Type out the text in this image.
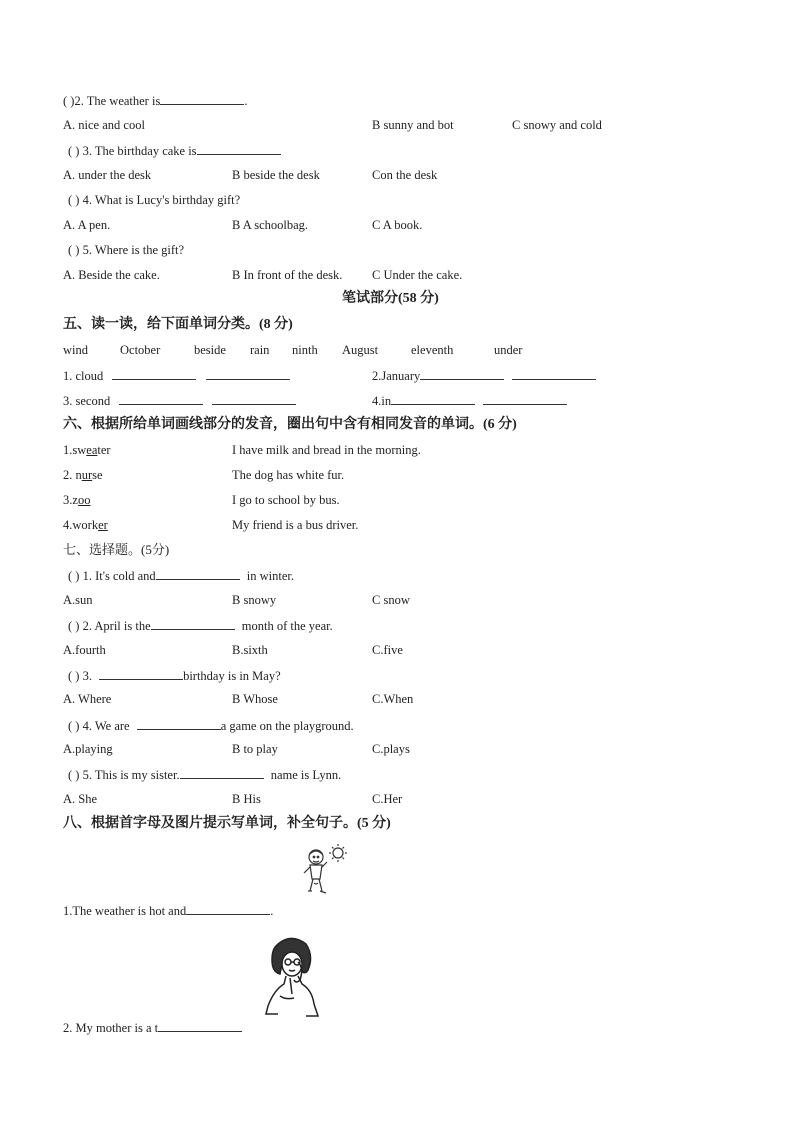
( )2. The weather is	.
A. nice and cool	B sunny and bot	C snowy and cold
( ) 3. The birthday cake is
A. under the desk	B beside the desk	Con the desk
( ) 4. What is Lucy's birthday gift?
A. A pen.	B A schoolbag.	C A book.
( ) 5. Where is the gift?
A. Beside the cake.	B In front of the desk. C Under the cake.
笔试部分(58 分)
五、读一读，给下面单词分类。(8 分)
wind	October	beside rain ninth August	eleventh	under
1. cloud	2.January
3. second	4.in
六、根据所给单词画线部分的发音，圈出句中含有相同发音的单词。(6 分)
1.sweater	I have milk and bread in the morning.
2. nurse	The dog has white fur.
3.zoo	I go to school by bus.
4.worker	My friend is a bus driver.
七、选择题。(5分)
( ) 1. It's cold and	in winter.
A.sun	B snowy	C snow
( ) 2. April is the	month of the year.
A.fourth	B.sixth	C.five
( ) 3.	birthday is in May?
A. Where	B Whose	C.When
( ) 4. We are	a game on the playground.
A.playing	B to play	C.plays
( ) 5. This is my sister.	name is Lynn.
A. She	B His	C.Her
八、根据首字母及图片提示写单词，补全句子。(5 分)
1.The weather is hot and	.
2. My mother is a t
